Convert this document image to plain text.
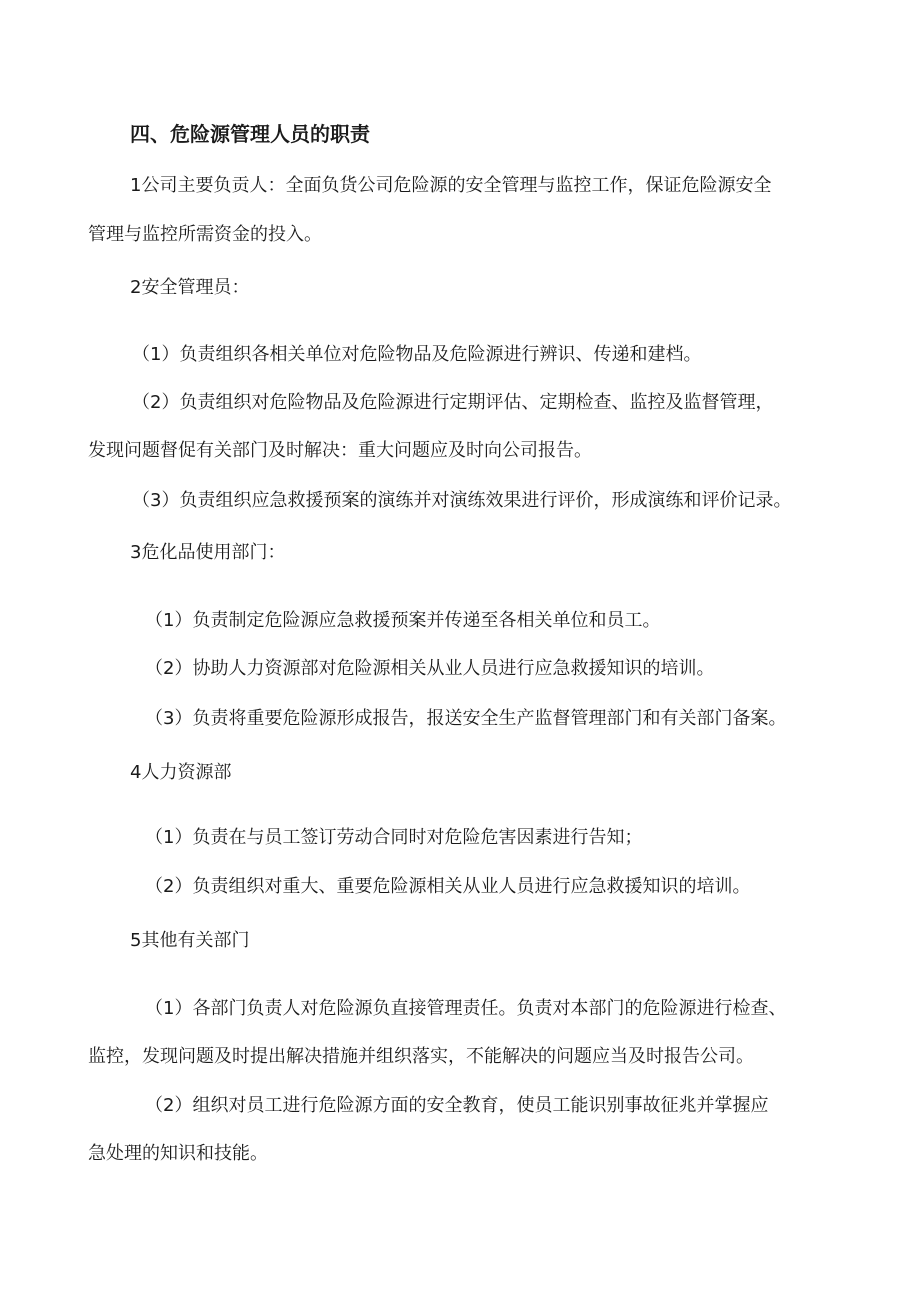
四、危险源管理人员的职责
1公司主要负贡人：全面负货公司危险源的安全管理与监控工作，保证危险源安全
管理与监控所需资金的投入。
2安全管理员：
（1）负责组织各相关单位对危险物品及危险源进行辨识、传递和建档。
（2）负责组织对危险物品及危险源进行定期评估、定期检查、监控及监督管理，
发现问题督促有关部门及时解决：重大问题应及时向公司报告。
（3）负责组织应急救援预案的演练并对演练效果进行评价，形成演练和评价记录。
3危化品使用部门：
（1）负责制定危险源应急救援预案并传递至各相关单位和员工。
（2）协助人力资源部对危险源相关从业人员进行应急救援知识的培训。
（3）负责将重要危险源形成报告，报送安全生产监督管理部门和有关部门备案。
4人力资源部
（1）负责在与员工签订劳动合同时对危险危害因素进行告知；
（2）负责组织对重大、重要危险源相关从业人员进行应急救援知识的培训。
5其他有关部门
（1）各部门负责人对危险源负直接管理责任。负责对本部门的危险源进行检查、
监控，发现问题及时提出解决措施并组织落实，不能解决的问题应当及时报告公司。
（2）组织对员工进行危险源方面的安全教育，使员工能识别事故征兆并掌握应
急处理的知识和技能。
